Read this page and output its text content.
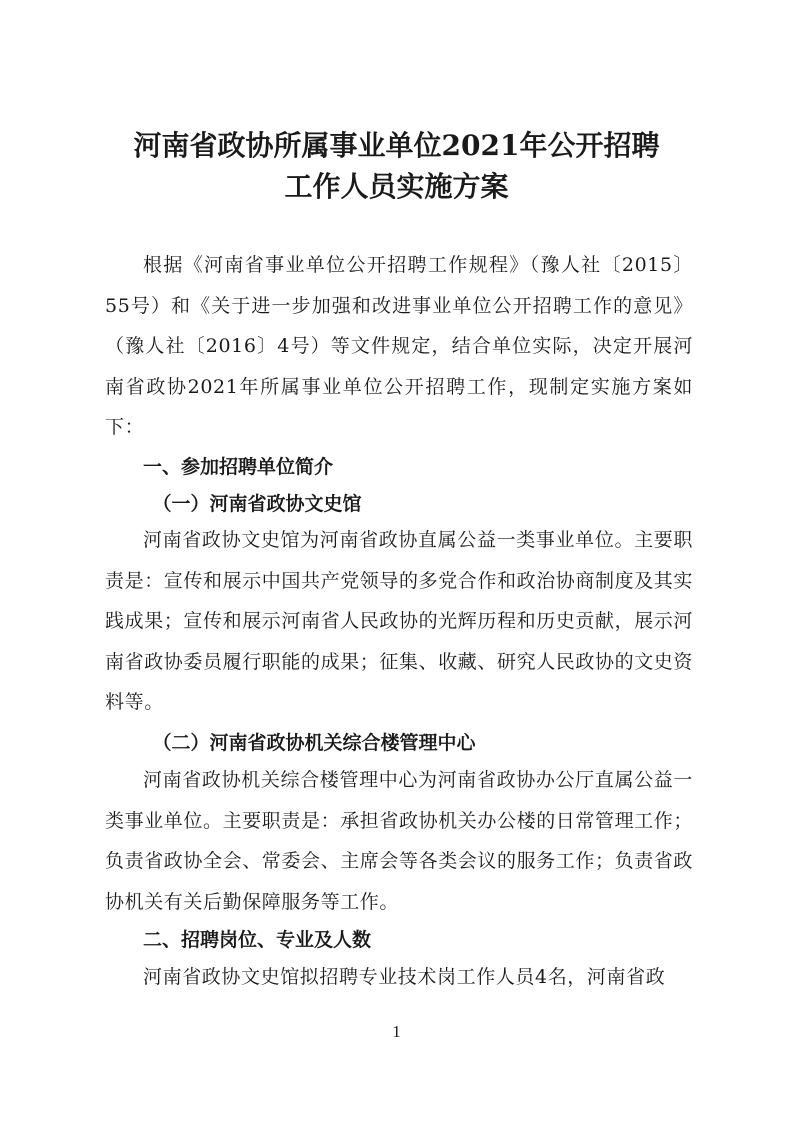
河南省政协所属事业单位2021年公开招聘
工作人员实施方案

根据《河南省事业单位公开招聘工作规程》（豫人社〔2015〕55号）和《关于进一步加强和改进事业单位公开招聘工作的意见》（豫人社〔2016〕4号）等文件规定，结合单位实际，决定开展河南省政协2021年所属事业单位公开招聘工作，现制定实施方案如下：

一、参加招聘单位简介
（一）河南省政协文史馆

河南省政协文史馆为河南省政协直属公益一类事业单位。主要职责是：宣传和展示中国共产党领导的多党合作和政治协商制度及其实践成果；宣传和展示河南省人民政协的光辉历程和历史贡献，展示河南省政协委员履行职能的成果；征集、收藏、研究人民政协的文史资料等。

（二）河南省政协机关综合楼管理中心

河南省政协机关综合楼管理中心为河南省政协办公厅直属公益一类事业单位。主要职责是：承担省政协机关办公楼的日常管理工作；负责省政协全会、常委会、主席会等各类会议的服务工作；负责省政协机关有关后勤保障服务等工作。

二、招聘岗位、专业及人数

河南省政协文史馆拟招聘专业技术岗工作人员4名，河南省政

1
